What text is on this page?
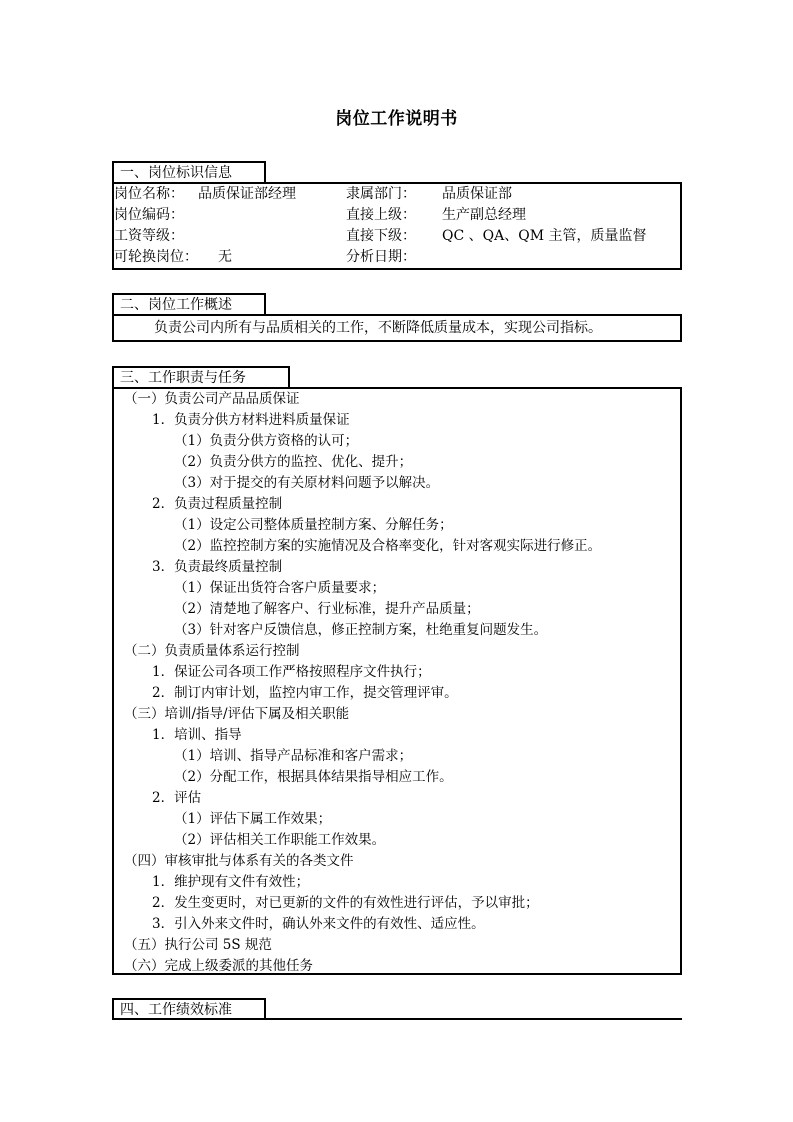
岗位工作说明书
一、岗位标识信息
岗位名称： 品质保证部经理	隶属部门： 品质保证部
岗位编码：	直接上级： 生产副总经理
工资等级：	直接下级： QC 、QA、QM 主管，质量监督
可轮换岗位： 无	分析日期：
二、岗位工作概述
负责公司内所有与品质相关的工作，不断降低质量成本，实现公司指标。
三、工作职责与任务
（一）负责公司产品品质保证
1．负责分供方材料进料质量保证
（1）负责分供方资格的认可；
（2）负责分供方的监控、优化、提升；
（3）对于提交的有关原材料问题予以解决。
2．负责过程质量控制
（1）设定公司整体质量控制方案、分解任务；
（2）监控控制方案的实施情况及合格率变化，针对客观实际进行修正。
3．负责最终质量控制
（1）保证出货符合客户质量要求；
（2）清楚地了解客户、行业标准，提升产品质量；
（3）针对客户反馈信息，修正控制方案，杜绝重复问题发生。
（二）负责质量体系运行控制
1．保证公司各项工作严格按照程序文件执行；
2．制订内审计划，监控内审工作，提交管理评审。
（三）培训/指导/评估下属及相关职能
1．培训、指导
（1）培训、指导产品标准和客户需求；
（2）分配工作，根据具体结果指导相应工作。
2．评估
（1）评估下属工作效果；
（2）评估相关工作职能工作效果。
（四）审核审批与体系有关的各类文件
1．维护现有文件有效性；
2．发生变更时，对已更新的文件的有效性进行评估，予以审批；
3．引入外来文件时，确认外来文件的有效性、适应性。
（五）执行公司 5S 规范
（六）完成上级委派的其他任务
四、工作绩效标准
